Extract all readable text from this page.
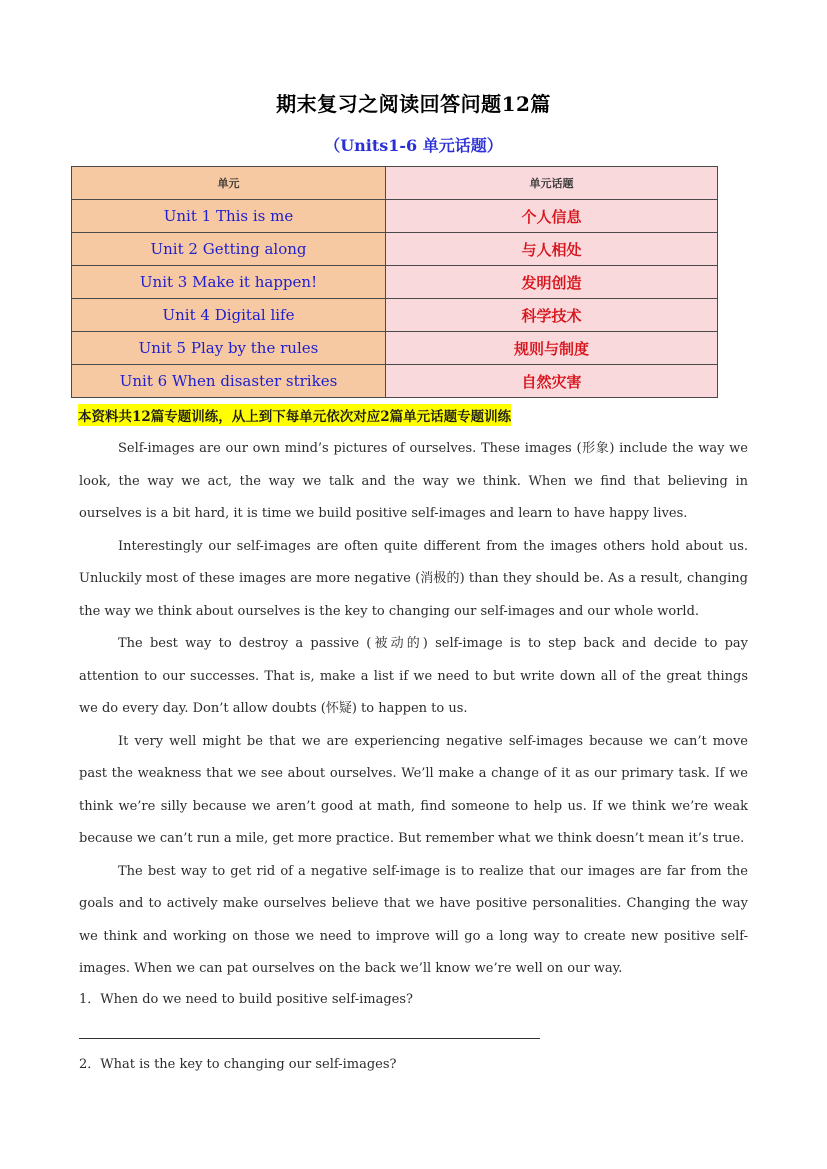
期末复习之阅读回答问题12篇
（Units1-6 单元话题）
单元	单元话题
Unit 1 This is me	个人信息
Unit 2 Getting along	与人相处
Unit 3 Make it happen!	发明创造
Unit 4 Digital life	科学技术
Unit 5 Play by the rules	规则与制度
Unit 6 When disaster strikes	自然灾害
本资料共12篇专题训练，从上到下每单元依次对应2篇单元话题专题训练

Self-images are our own mind’s pictures of ourselves. These images (形象) include the way we look, the way we act, the way we talk and the way we think. When we find that believing in ourselves is a bit hard, it is time we build positive self-images and learn to have happy lives.

Interestingly our self-images are often quite different from the images others hold about us. Unluckily most of these images are more negative (消极的) than they should be. As a result, changing the way we think about ourselves is the key to changing our self-images and our whole world.

The best way to destroy a passive (被动的) self-image is to step back and decide to pay attention to our successes. That is, make a list if we need to but write down all of the great things we do every day. Don’t allow doubts (怀疑) to happen to us.

It very well might be that we are experiencing negative self-images because we can’t move past the weakness that we see about ourselves. We’ll make a change of it as our primary task. If we think we’re silly because we aren’t good at math, find someone to help us. If we think we’re weak because we can’t run a mile, get more practice. But remember what we think doesn’t mean it’s true.

The best way to get rid of a negative self-image is to realize that our images are far from the goals and to actively make ourselves believe that we have positive personalities. Changing the way we think and working on those we need to improve will go a long way to create new positive self-images. When we can pat ourselves on the back we’ll know we’re well on our way.

1．When do we need to build positive self-images?
2．What is the key to changing our self-images?
